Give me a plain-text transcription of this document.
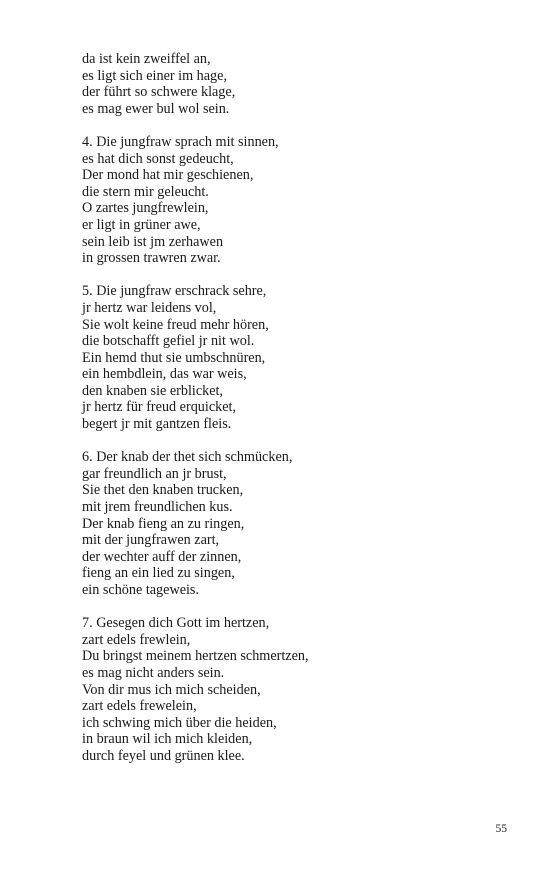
da ist kein zweiffel an,
es ligt sich einer im hage,
der führt so schwere klage,
es mag ewer bul wol sein.
4. Die jungfraw sprach mit sinnen,
es hat dich sonst gedeucht,
Der mond hat mir geschienen,
die stern mir geleucht.
O zartes jungfrewlein,
er ligt in grüner awe,
sein leib ist jm zerhawen
in grossen trawren zwar.
5. Die jungfraw erschrack sehre,
jr hertz war leidens vol,
Sie wolt keine freud mehr hören,
die botschafft gefiel jr nit wol.
Ein hemd thut sie umbschnüren,
ein hembdlein, das war weis,
den knaben sie erblicket,
jr hertz für freud erquicket,
begert jr mit gantzen fleis.
6. Der knab der thet sich schmücken,
gar freundlich an jr brust,
Sie thet den knaben trucken,
mit jrem freundlichen kus.
Der knab fieng an zu ringen,
mit der jungfrawen zart,
der wechter auff der zinnen,
fieng an ein lied zu singen,
ein schöne tageweis.
7. Gesegen dich Gott im hertzen,
zart edels frewlein,
Du bringst meinem hertzen schmertzen,
es mag nicht anders sein.
Von dir mus ich mich scheiden,
zart edels frewelein,
ich schwing mich über die heiden,
in braun wil ich mich kleiden,
durch feyel und grünen klee.
55
